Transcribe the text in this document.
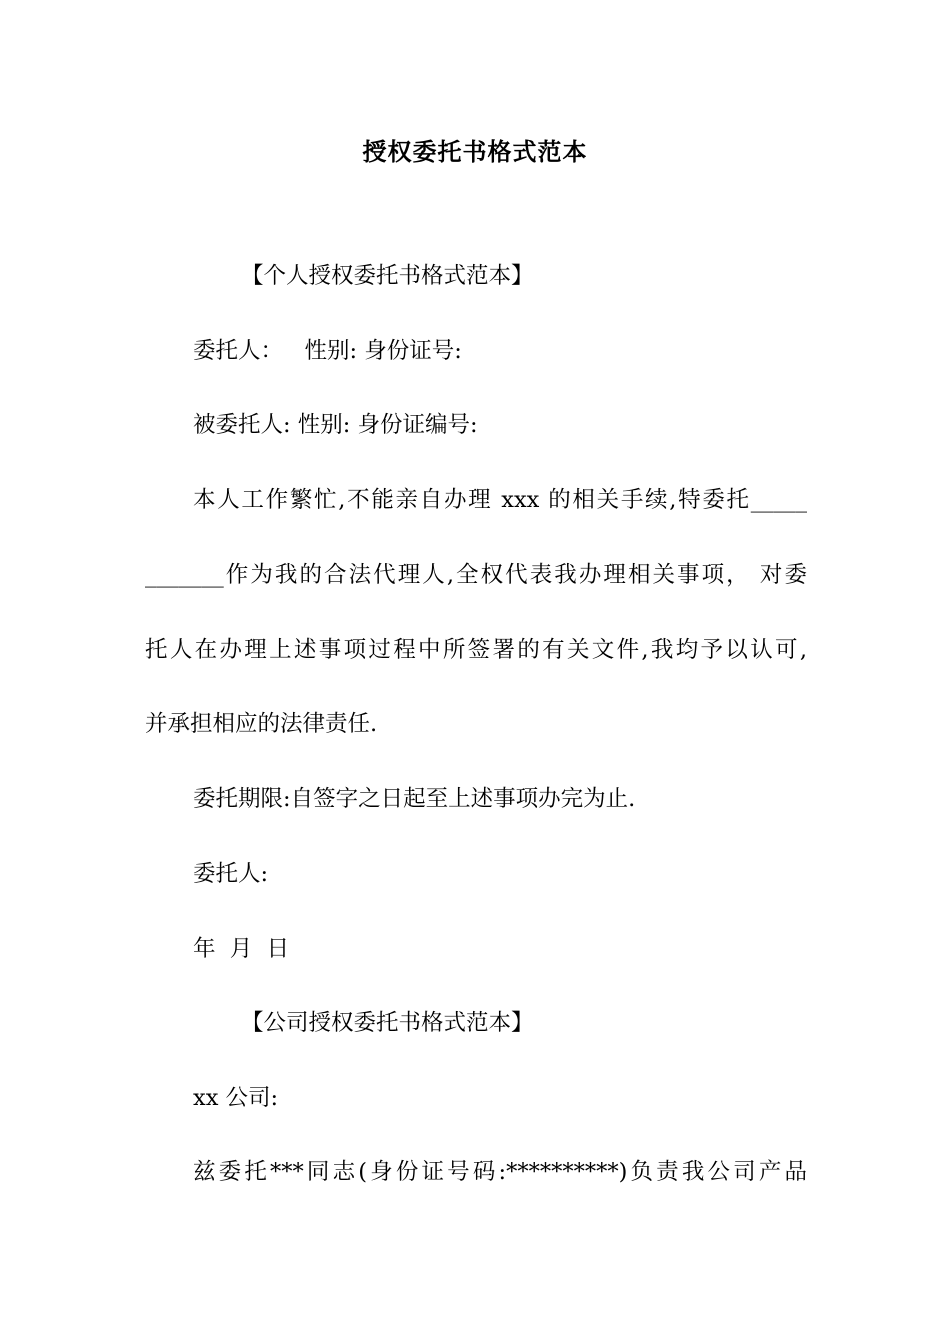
授权委托书格式范本
【个人授权委托书格式范本】
委托人：   性别: 身份证号:
被委托人: 性别: 身份证编号:
本人工作繁忙,不能亲自办理 xxx 的相关手续,特委托_____
_______作为我的合法代理人,全权代表我办理相关事项， 对委
托人在办理上述事项过程中所签署的有关文件,我均予以认可,
并承担相应的法律责任.
委托期限:自签字之日起至上述事项办完为止.
委托人:
年  月  日
【公司授权委托书格式范本】
xx 公司:
兹委托***同志(身份证号码:**********)负责我公司产品
